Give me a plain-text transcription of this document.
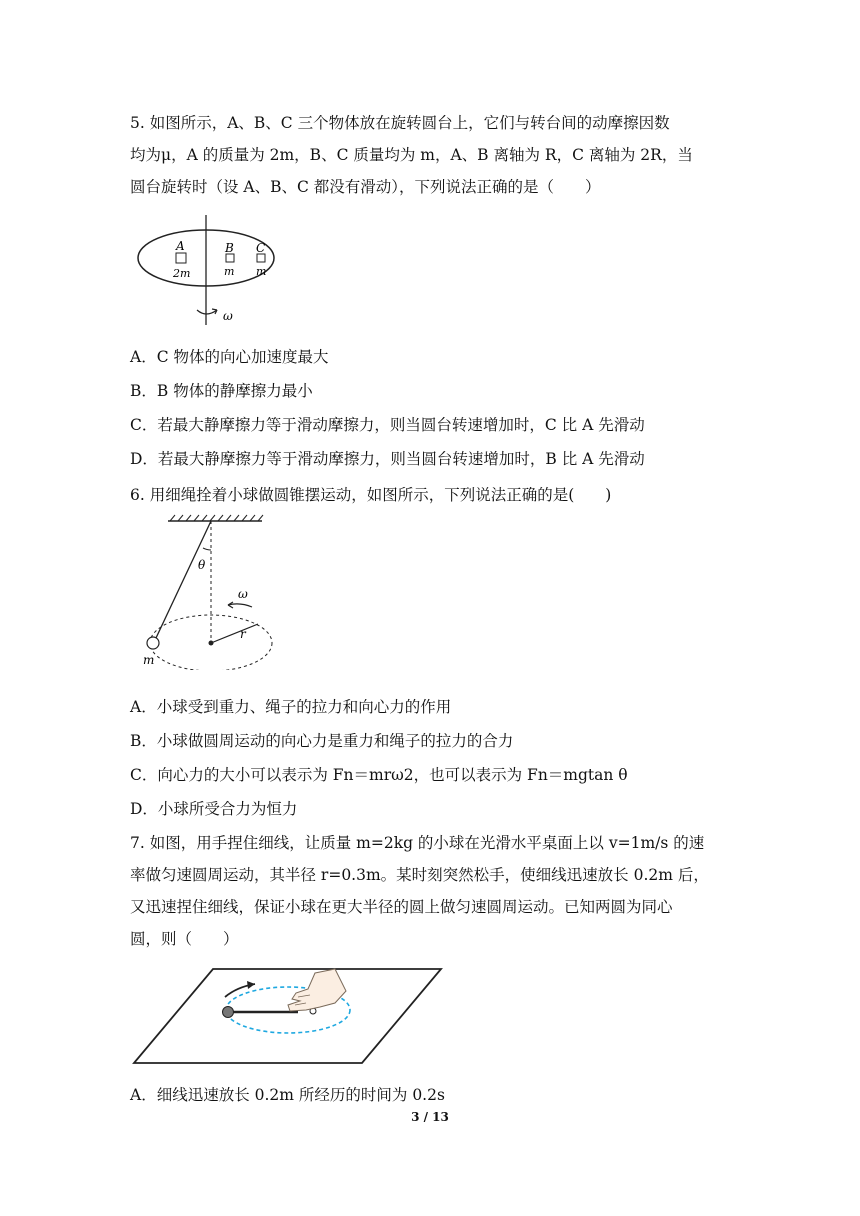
5. 如图所示，A、B、C 三个物体放在旋转圆台上，它们与转台间的动摩擦因数
均为μ，A 的质量为 2m，B、C 质量均为 m，A、B 离轴为 R，C 离轴为 2R，当
圆台旋转时（设 A、B、C 都没有滑动），下列说法正确的是（　　）
A	B C
2m	m m
ω
A．C 物体的向心加速度最大
B．B 物体的静摩擦力最小
C．若最大静摩擦力等于滑动摩擦力，则当圆台转速增加时，C 比 A 先滑动
D．若最大静摩擦力等于滑动摩擦力，则当圆台转速增加时，B 比 A 先滑动
6. 用细绳拴着小球做圆锥摆运动，如图所示，下列说法正确的是(　　)
θ
r
ω
m
A．小球受到重力、绳子的拉力和向心力的作用
B．小球做圆周运动的向心力是重力和绳子的拉力的合力
C．向心力的大小可以表示为 Fn＝mrω2，也可以表示为 Fn＝mgtan θ
D．小球所受合力为恒力
7. 如图，用手捏住细线，让质量 m=2kg 的小球在光滑水平桌面上以 v=1m/s 的速
率做匀速圆周运动，其半径 r=0.3m。某时刻突然松手，使细线迅速放长 0.2m 后，
又迅速捏住细线，保证小球在更大半径的圆上做匀速圆周运动。已知两圆为同心
圆，则（　　）
A．细线迅速放长 0.2m 所经历的时间为 0.2s
3 / 13
